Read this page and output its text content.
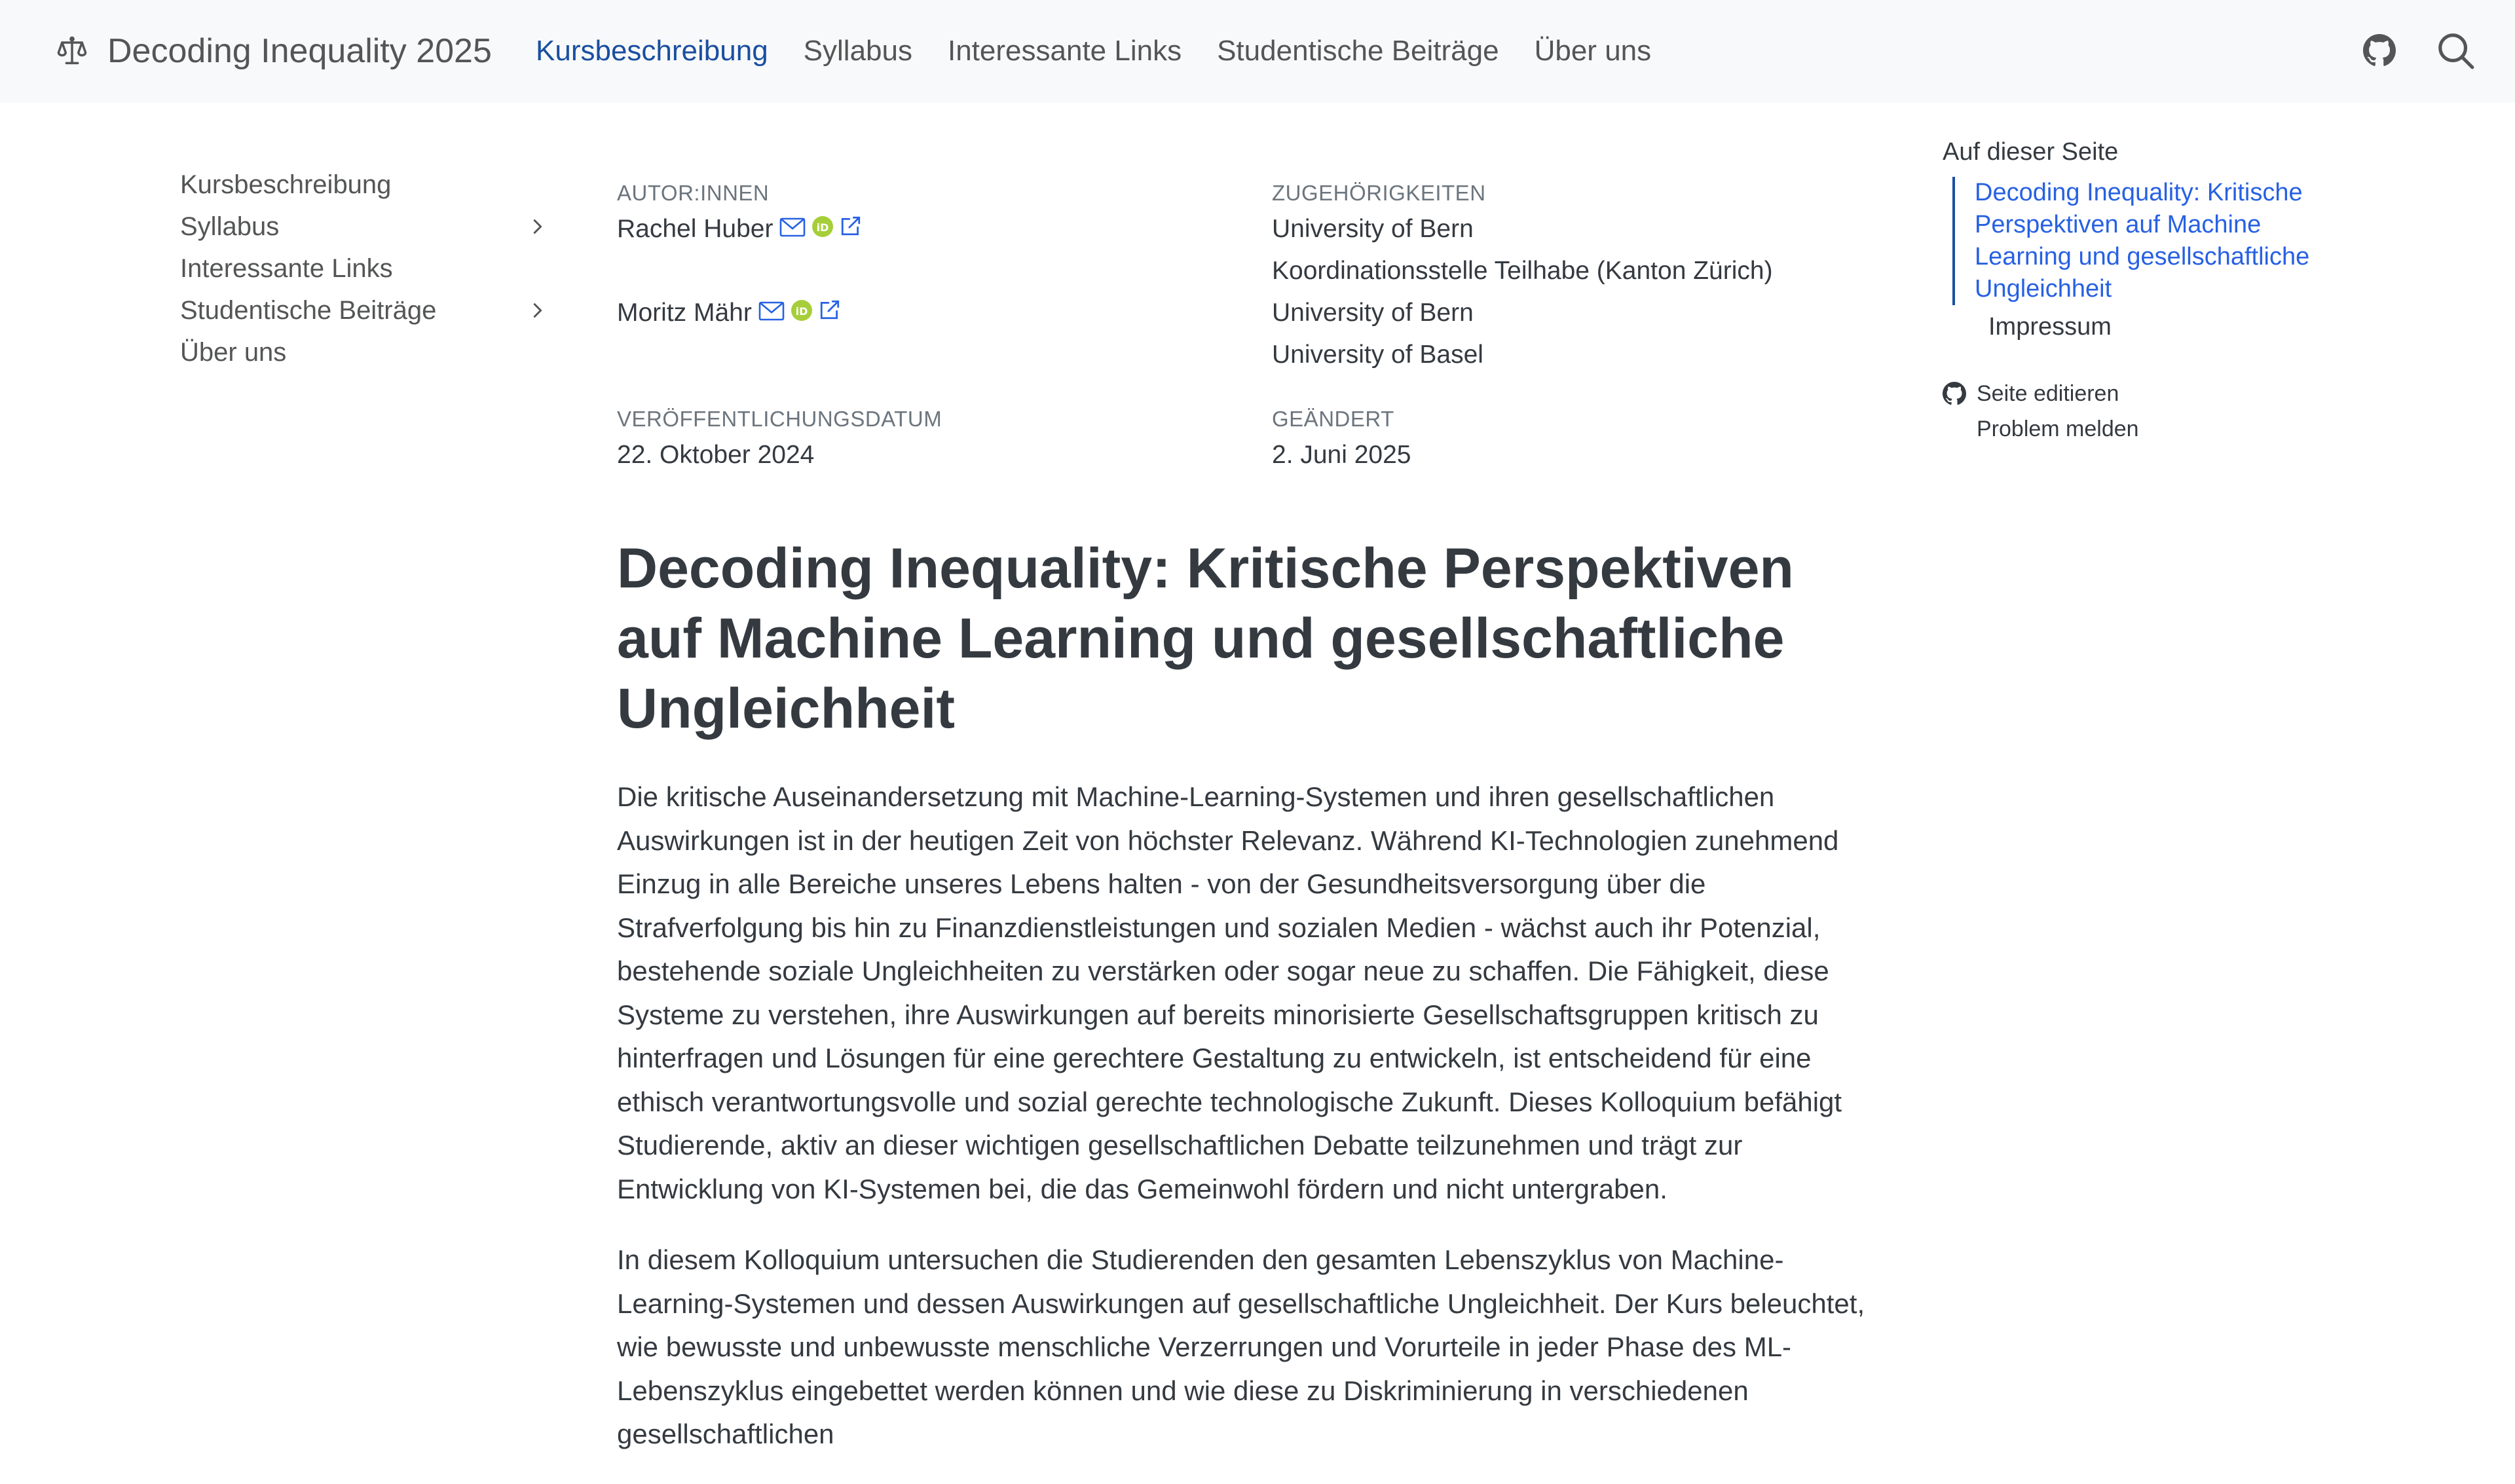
Decoding Inequality 2025 Kursbeschreibung Syllabus Interessante Links Studentische Beiträge Über uns
Kursbeschreibung
Syllabus
Interessante Links
Studentische Beiträge
Über uns
AUTOR:INNEN
Rachel Huber	iD
Moritz Mähr	iD
ZUGEHÖRIGKEITEN
University of Bern
Koordinationsstelle Teilhabe (Kanton Zürich)
University of Bern
University of Basel
VERÖFFENTLICHUNGSDATUM
22. Oktober 2024
GEÄNDERT
2. Juni 2025
Decoding Inequality: Kritische Perspektiven auf Machine Learning und gesellschaftliche Ungleichheit

Die kritische Auseinandersetzung mit Machine-Learning-Systemen und ihren gesellschaftlichen Auswirkungen ist in der heutigen Zeit von höchster Relevanz. Während KI-Technologien zunehmend Einzug in alle Bereiche unseres Lebens halten - von der Gesundheitsversorgung über die Strafverfolgung bis hin zu Finanzdienstleistungen und sozialen Medien - wächst auch ihr Potenzial, bestehende soziale Ungleichheiten zu verstärken oder sogar neue zu schaffen. Die Fähigkeit, diese Systeme zu verstehen, ihre Auswirkungen auf bereits minorisierte Gesellschaftsgruppen kritisch zu hinterfragen und Lösungen für eine gerechtere Gestaltung zu entwickeln, ist entscheidend für eine ethisch verantwortungsvolle und sozial gerechte technologische Zukunft. Dieses Kolloquium befähigt Studierende, aktiv an dieser wichtigen gesellschaftlichen Debatte teilzunehmen und trägt zur Entwicklung von KI-Systemen bei, die das Gemeinwohl fördern und nicht untergraben.

In diesem Kolloquium untersuchen die Studierenden den gesamten Lebenszyklus von Machine-Learning-Systemen und dessen Auswirkungen auf gesellschaftliche Ungleichheit. Der Kurs beleuchtet, wie bewusste und unbewusste menschliche Verzerrungen und Vorurteile in jeder Phase des ML-Lebenszyklus eingebettet werden können und wie diese zu Diskriminierung in verschiedenen gesellschaftlichen

Auf dieser Seite
Decoding Inequality: Kritische Perspektiven auf Machine Learning und gesellschaftliche Ungleichheit
Impressum
Seite editieren
Problem melden
